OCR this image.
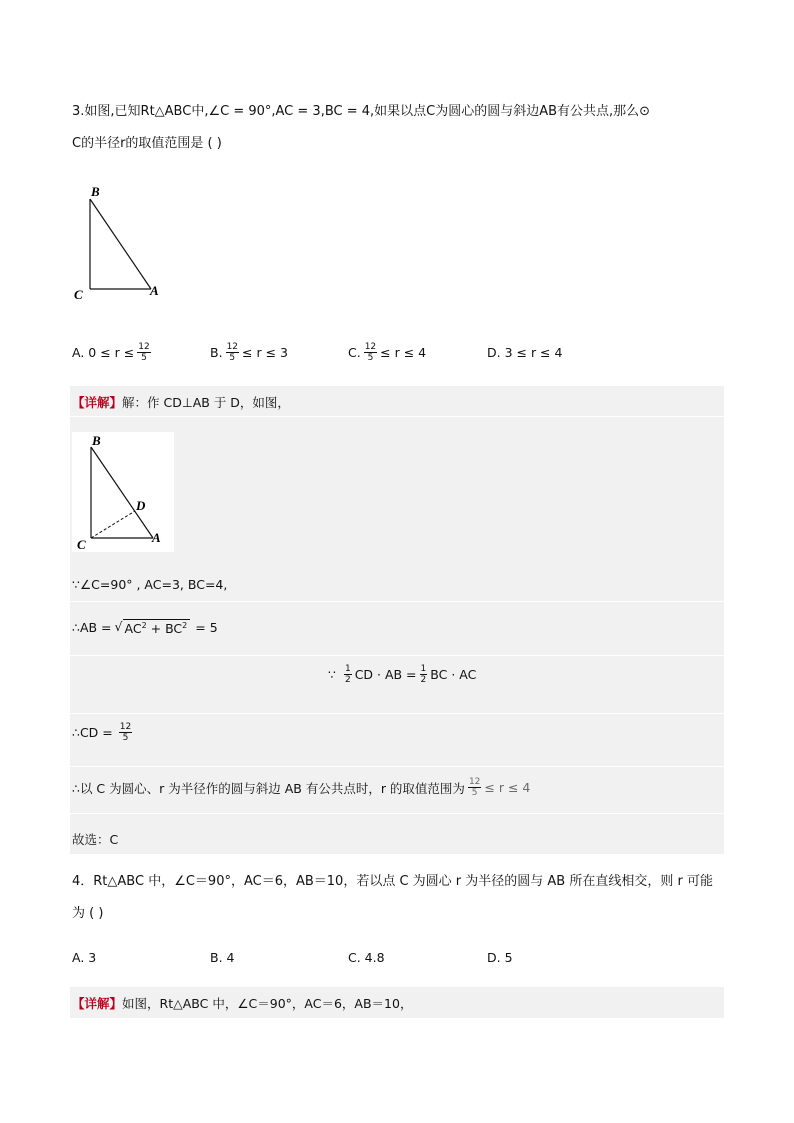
3.如图,已知Rt△ABC中,∠C = 90°,AC = 3,BC = 4,如果以点C为圆心的圆与斜边AB有公共点,那么⊙
C的半径r的取值范围是 ( )
B
C	A
A. $0 \le r \le \frac{12}{5}$	B. $\frac{12}{5} \le r \le 3$	C. $\frac{12}{5} \le r \le 4$	D. 3 ≤ r ≤ 4
【详解】 解：作 CD⊥AB 于 D，如图，
B
C	A
D
∵∠C=90° , AC=3, BC=4,
∴AB = √ $AC^2 + BC^2 = 5$
∵ $\frac{1}{2}$ CD · AB = $\frac{1}{2}$ BC · AC
∴CD = $\frac{12}{5}$
∴以 C 为圆心、r 为半径作的圆与斜边 AB 有公共点时，r 的取值范围为 $\frac{12}{5} \le r \le 4$
故选：C
4．Rt△ABC 中，∠C＝90°，AC＝6，AB＝10，若以点 C 为圆心 r 为半径的圆与 AB 所在直线相交，则 r 可能
为 ( )
A. 3	B. 4	C. 4.8	D. 5
【详解】 如图，Rt△ABC 中，∠C＝90°，AC＝6，AB＝10，
